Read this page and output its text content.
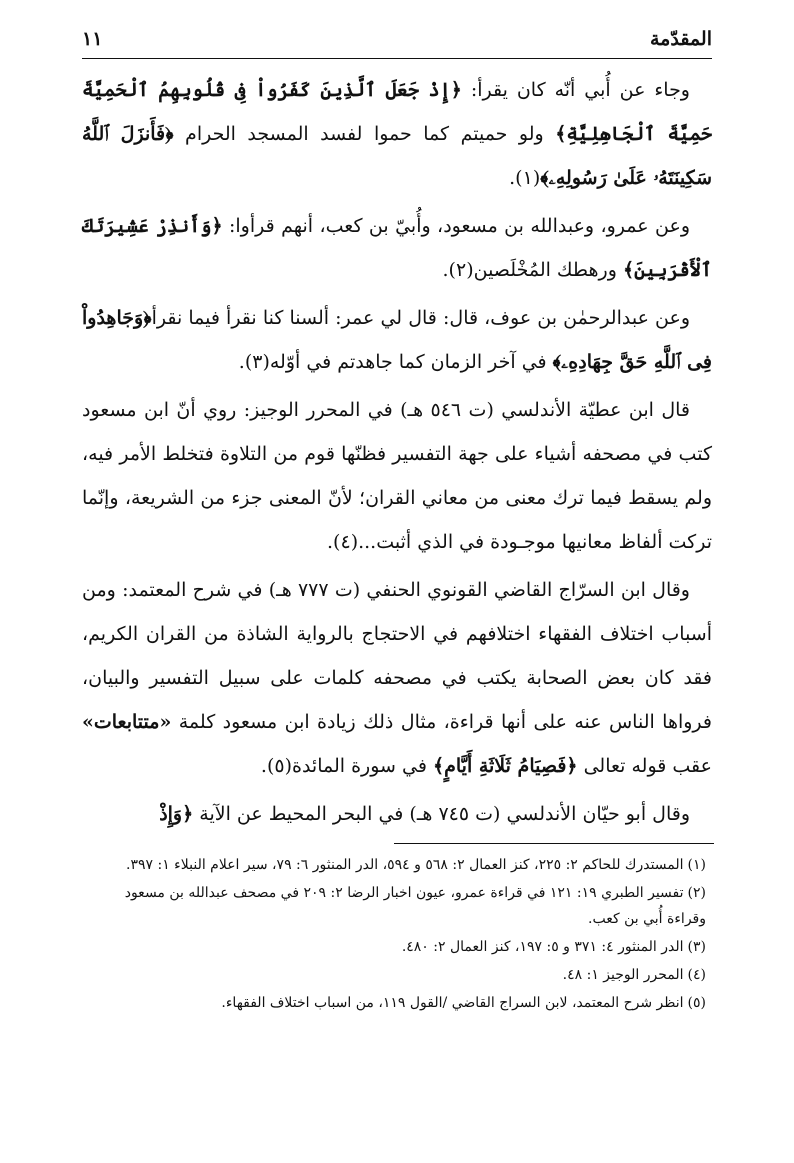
المقدّمة
١١

وجاء عن أُبي أنّه كان يقرأ: ﴿إِذْ جَعَلَ ٱلَّذِينَ كَفَرُواْ فِى قُلُوبِهِمُ ٱلْحَمِيَّةَ حَمِيَّةَ ٱلْجَاهِلِيَّةِ﴾ ولو حميتم كما حموا لفسد المسجد الحرام ﴿فَأَنزَلَ ٱللَّهُ سَكِينَتَهُۥ عَلَىٰ رَسُولِهِۦ﴾(١).

وعن عمرو، وعبدالله بن مسعود، وأُبيّ بن كعب، أنهم قرأوا: ﴿وَأَنذِرْ عَشِيرَتَكَ ٱلْأَقْرَبِينَ﴾ ورهطك المُخْلَصين(٢).

وعن عبدالرحمٰن بن عوف، قال: قال لي عمر: ألسنا كنا نقرأ فيما نقرأ﴿وَجَاهِدُواْ فِى ٱللَّهِ حَقَّ جِهَادِهِۦ﴾ في آخر الزمان كما جاهدتم في أوّله(٣).

قال ابن عطيّة الأندلسي (ت ٥٤٦ هـ) في المحرر الوجيز: روي أنّ ابن مسعود كتب في مصحفه أشياء على جهة التفسير فظنّها قوم من التلاوة فتخلط الأمر فيه، ولم يسقط فيما ترك معنى من معاني القران؛ لأنّ المعنى جزء من الشريعة، وإنّما تركت ألفاظ معانيها موجـودة في الذي أثبت...(٤).

وقال ابن السرّاج القاضي القونوي الحنفي (ت ٧٧٧ هـ) في شرح المعتمد: ومن أسباب اختلاف الفقهاء اختلافهم في الاحتجاج بالرواية الشاذة من القران الكريم، فقد كان بعض الصحابة يكتب في مصحفه كلمات على سبيل التفسير والبيان، فرواها الناس عنه على أنها قراءة، مثال ذلك زيادة ابن مسعود كلمة «متتابعات» عقب قوله تعالى ﴿فَصِيَامُ ثَلَاثَةِ أَيَّامٍ﴾ في سورة المائدة(٥).

وقال أبو حيّان الأندلسي (ت ٧٤٥ هـ) في البحر المحيط عن الآية ﴿وَإِذْ

(١)المستدرك للحاكم ٢: ٢٢٥، كنز العمال ٢: ٥٦٨ و ٥٩٤، الدر المنثور ٦: ٧٩، سير اعلام النبلاء ١: ٣٩٧.

(٢)تفسير الطبري ١٩: ١٢١ في قراءة عمرو، عيون اخبار الرضا ٢: ٢٠٩ في مصحف عبدالله بن مسعود وقراءة أُبي بن كعب.

(٣)الدر المنثور ٤: ٣٧١ و ٥: ١٩٧، كنز العمال ٢: ٤٨٠.

(٤)المحرر الوجيز ١: ٤٨.

(٥)انظر شرح المعتمد، لابن السراج القاضي /القول ١١٩، من اسباب اختلاف الفقهاء.
